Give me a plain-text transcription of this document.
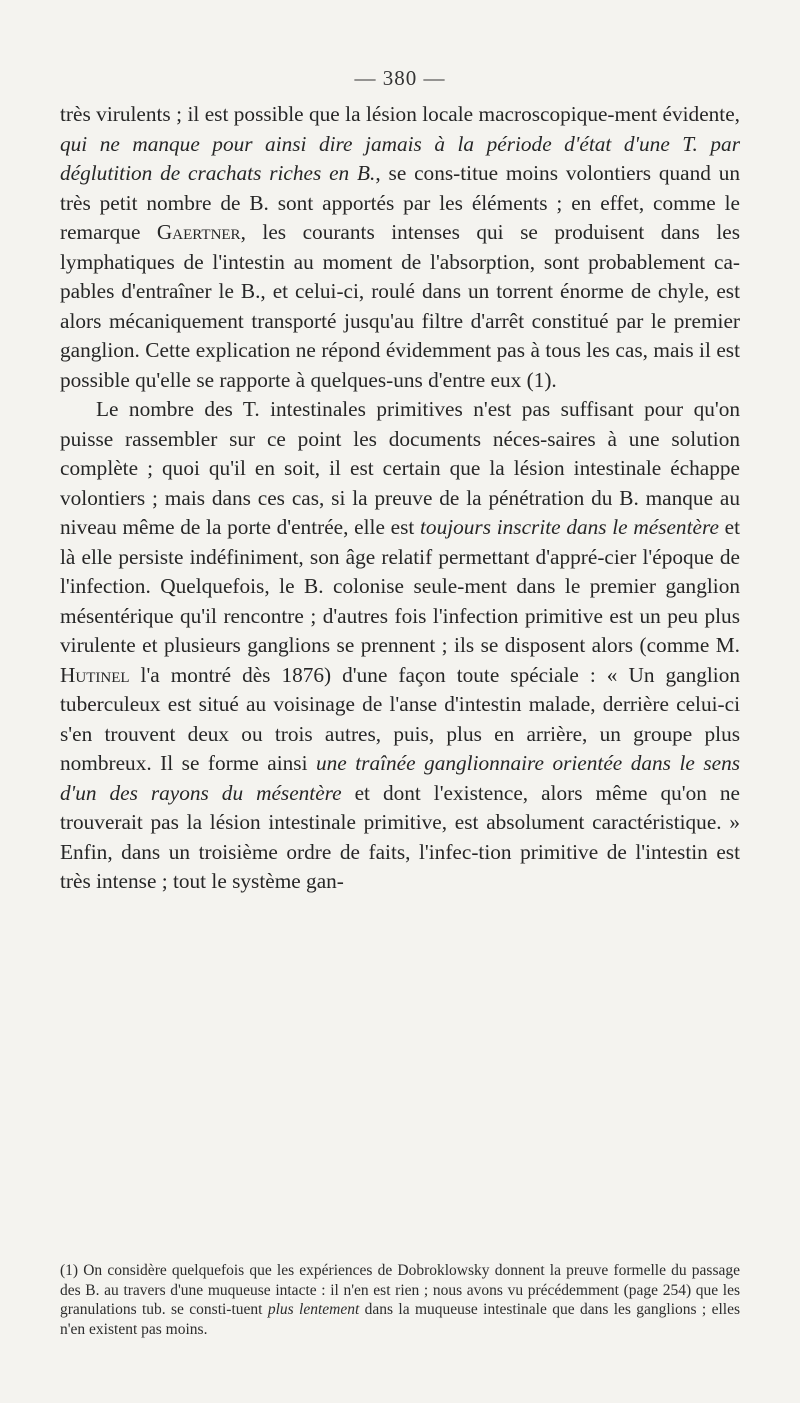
— 380 —

très virulents ; il est possible que la lésion locale macroscopique-ment évidente, qui ne manque pour ainsi dire jamais à la période d'état d'une T. par déglutition de crachats riches en B., se cons-titue moins volontiers quand un très petit nombre de B. sont apportés par les éléments ; en effet, comme le remarque Gaertner, les courants intenses qui se produisent dans les lymphatiques de l'intestin au moment de l'absorption, sont probablement ca-pables d'entraîner le B., et celui-ci, roulé dans un torrent énorme de chyle, est alors mécaniquement transporté jusqu'au filtre d'arrêt constitué par le premier ganglion. Cette explication ne répond évidemment pas à tous les cas, mais il est possible qu'elle se rapporte à quelques-uns d'entre eux (1).

Le nombre des T. intestinales primitives n'est pas suffisant pour qu'on puisse rassembler sur ce point les documents néces-saires à une solution complète ; quoi qu'il en soit, il est certain que la lésion intestinale échappe volontiers ; mais dans ces cas, si la preuve de la pénétration du B. manque au niveau même de la porte d'entrée, elle est toujours inscrite dans le mésentère et là elle persiste indéfiniment, son âge relatif permettant d'appré-cier l'époque de l'infection. Quelquefois, le B. colonise seule-ment dans le premier ganglion mésentérique qu'il rencontre ; d'autres fois l'infection primitive est un peu plus virulente et plusieurs ganglions se prennent ; ils se disposent alors (comme M. Hutinel l'a montré dès 1876) d'une façon toute spéciale : « Un ganglion tuberculeux est situé au voisinage de l'anse d'intestin malade, derrière celui-ci s'en trouvent deux ou trois autres, puis, plus en arrière, un groupe plus nombreux. Il se forme ainsi une traînée ganglionnaire orientée dans le sens d'un des rayons du mésentère et dont l'existence, alors même qu'on ne trouverait pas la lésion intestinale primitive, est absolument caractéristique. » Enfin, dans un troisième ordre de faits, l'infec-tion primitive de l'intestin est très intense ; tout le système gan-

(1) On considère quelquefois que les expériences de Dobroklowsky donnent la preuve formelle du passage des B. au travers d'une muqueuse intacte : il n'en est rien ; nous avons vu précédemment (page 254) que les granulations tub. se consti-tuent plus lentement dans la muqueuse intestinale que dans les ganglions ; elles n'en existent pas moins.
